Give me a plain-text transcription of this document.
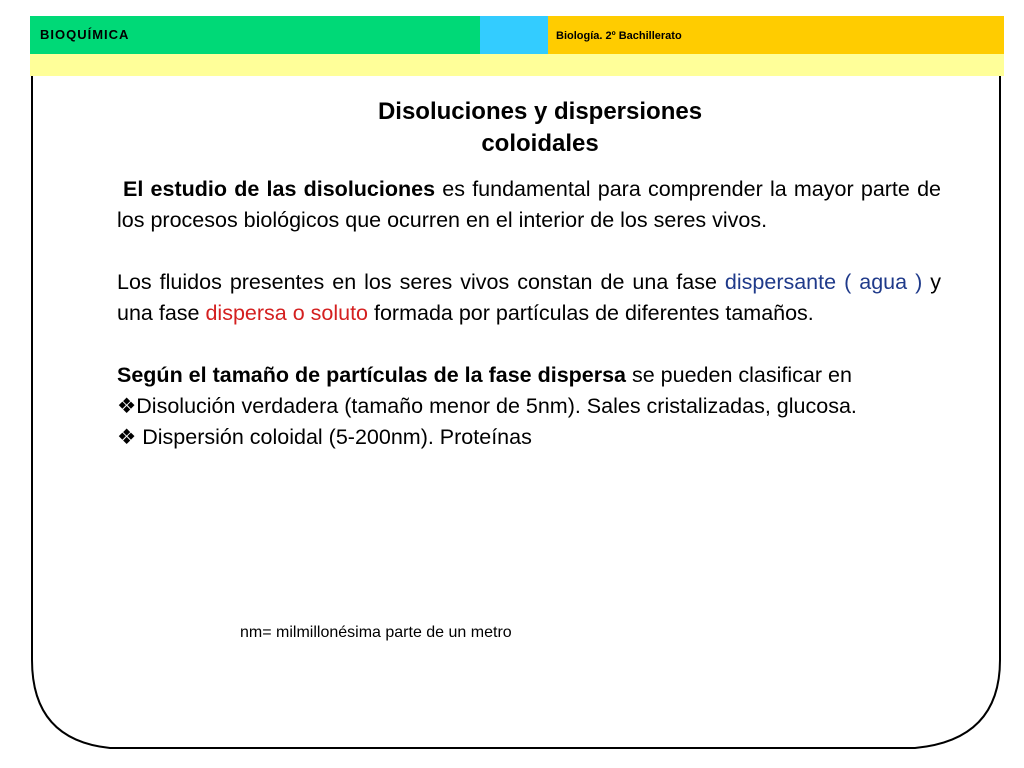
BIOQUÍMICA	Biología. 2º Bachillerato
Disoluciones y dispersiones
coloidales

El estudio de las disoluciones es fundamental para comprender la mayor parte de los procesos biológicos que ocurren en el interior de los seres vivos.

Los fluidos presentes en los seres vivos constan de una fase dispersante ( agua ) y una fase dispersa o soluto formada por partículas de diferentes tamaños.

Según el tamaño de partículas de la fase dispersa se pueden clasificar en

❖Disolución verdadera (tamaño menor de 5nm). Sales cristalizadas, glucosa.

❖ Dispersión coloidal (5-200nm). Proteínas

nm= milmillonésima parte de un metro
